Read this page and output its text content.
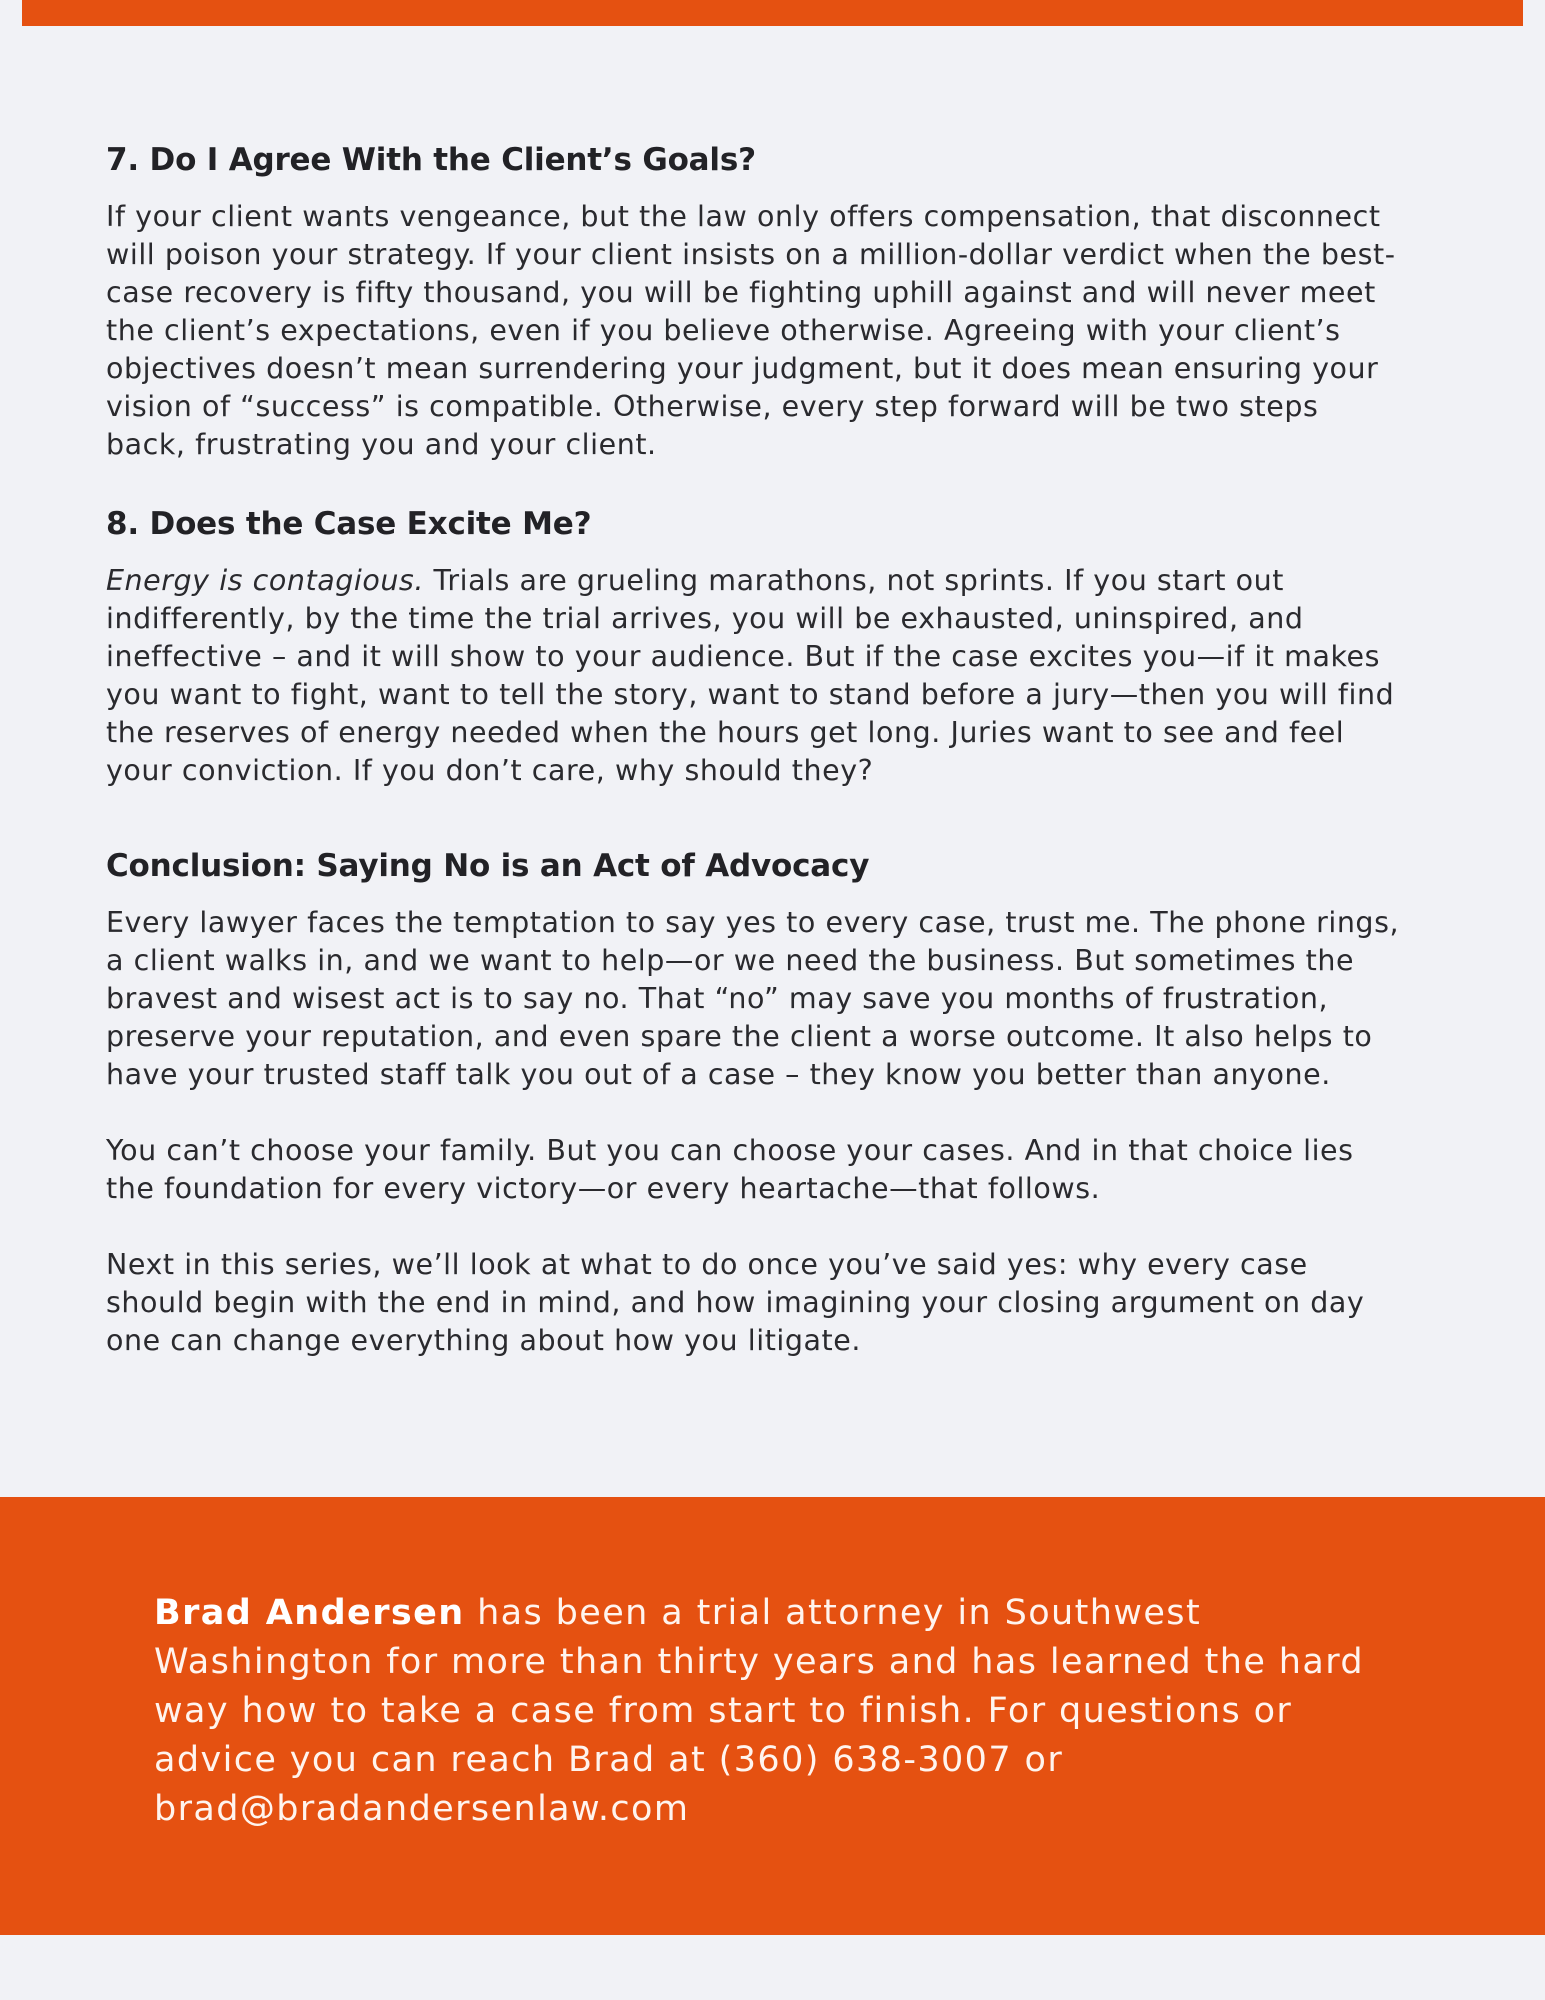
7. Do I Agree With the Client’s Goals?

If your client wants vengeance, but the law only offers compensation, that disconnect will poison your strategy. If your client insists on a million-dollar verdict when the best-case recovery is fifty thousand, you will be fighting uphill against and will never meet the client’s expectations, even if you believe otherwise. Agreeing with your client’s objectives doesn’t mean surrendering your judgment, but it does mean ensuring your vision of “success” is compatible. Otherwise, every step forward will be two steps back, frustrating you and your client.

8. Does the Case Excite Me?

Energy is contagious. Trials are grueling marathons, not sprints. If you start out indifferently, by the time the trial arrives, you will be exhausted, uninspired, and ineffective – and it will show to your audience. But if the case excites you—if it makes you want to fight, want to tell the story, want to stand before a jury—then you will find the reserves of energy needed when the hours get long. Juries want to see and feel your conviction. If you don’t care, why should they?

Conclusion: Saying No is an Act of Advocacy

Every lawyer faces the temptation to say yes to every case, trust me. The phone rings, a client walks in, and we want to help—or we need the business. But sometimes the bravest and wisest act is to say no. That “no” may save you months of frustration, preserve your reputation, and even spare the client a worse outcome. It also helps to have your trusted staff talk you out of a case – they know you better than anyone.

You can’t choose your family. But you can choose your cases. And in that choice lies the foundation for every victory—or every heartache—that follows.

Next in this series, we’ll look at what to do once you’ve said yes: why every case should begin with the end in mind, and how imagining your closing argument on day one can change everything about how you litigate.

Brad Andersen has been a trial attorney in Southwest Washington for more than thirty years and has learned the hard way how to take a case from start to finish. For questions or advice you can reach Brad at (360) 638-3007 or brad@bradandersenlaw.com
